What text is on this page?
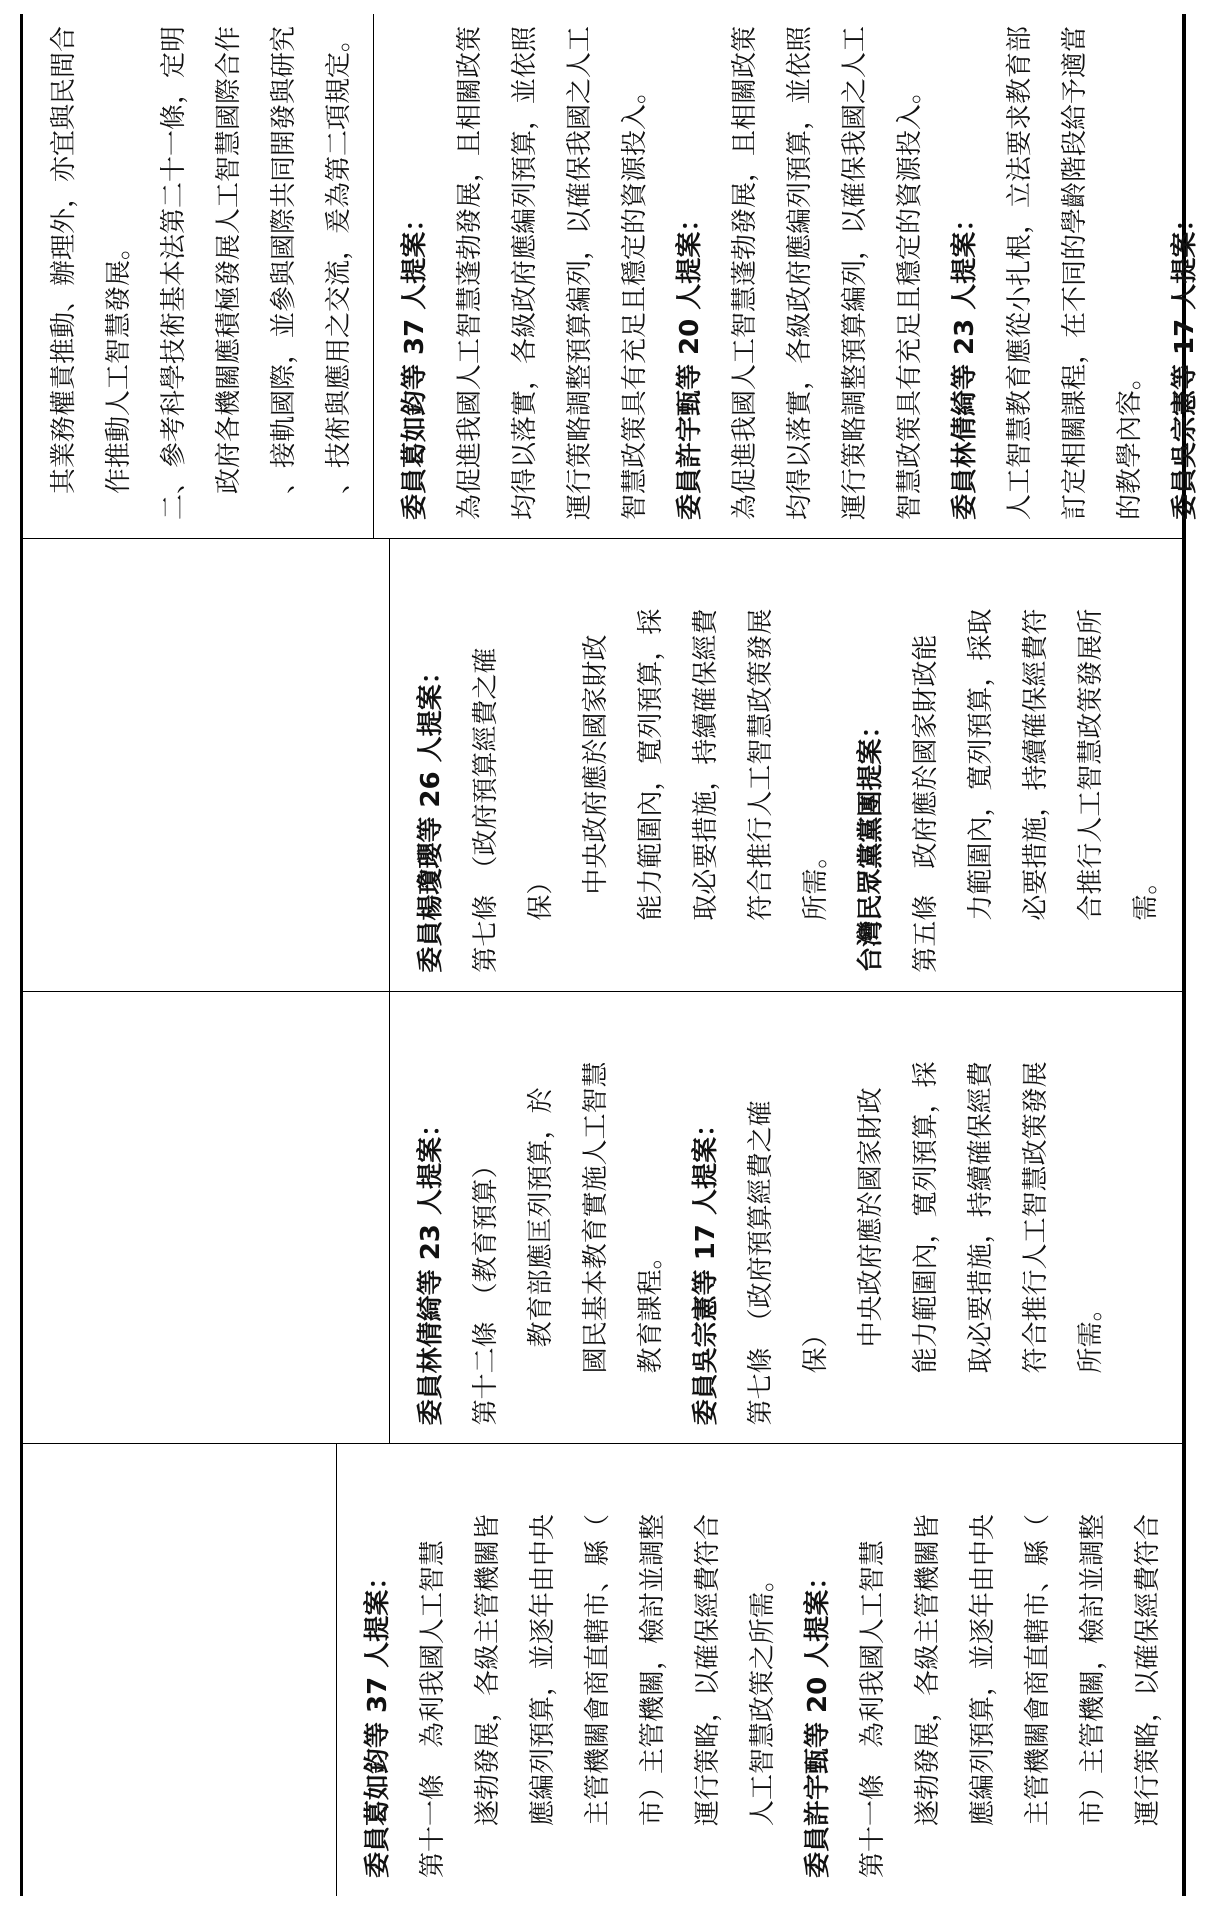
委員葛如鈞等 37 人提案： 第十一條　為利我國人工智慧 　　遂勃發展，各級主管機關皆 　　應編列預算，並逐年由中央 　　主管機關會商直轄市、縣（ 　　市）主管機關，檢討並調整 　　運行策略，以確保經費符合 　　人工智慧政策之所需。 委員許宇甄等 20 人提案： 第十一條　為利我國人工智慧 　　遂勃發展，各級主管機關皆 　　應編列預算，並逐年由中央 　　主管機關會商直轄市、縣（ 　　市）主管機關，檢討並調整 　　運行策略，以確保經費符合
委員林倩綺等 23 人提案： 第十二條　（教育預算） 　　　教育部應匡列預算，於 　　國民基本教育實施人工智慧 　　教育課程。 委員吳宗憲等 17 人提案： 第七條　（政府預算經費之確 　　保） 　　　中央政府應於國家財政 　　能力範圍內，寬列預算，採 　　取必要措施，持續確保經費 　　符合推行人工智慧政策發展 　　所需。
委員楊瓊瓔等 26 人提案： 第七條　（政府預算經費之確 　　保） 　　　中央政府應於國家財政 　　能力範圍內，寬列預算，採 　　取必要措施，持續確保經費 　　符合推行人工智慧政策發展 　　所需。 台灣民眾黨黨團提案： 第五條　政府應於國家財政能 　　力範圍內，寬列預算，採取 　　必要措施，持續確保經費符 　　合推行人工智慧政策發展所 　　需。
　其業務權責推動、辦理外，亦宜與民間合 　作推動人工智慧發展。 二、參考科學技術基本法第二十一條，定明 　政府各機關應積極發展人工智慧國際合作 　、接軌國際，並參與國際共同開發與研究 　、技術與應用之交流，爰為第二項規定。	委員葛如鈞等 37 人提案： 為促進我國人工智慧蓬勃發展，且相關政策 均得以落實，各級政府應編列預算，並依照 運行策略調整預算編列，以確保我國之人工 智慧政策具有充足且穩定的資源投入。 委員許宇甄等 20 人提案： 為促進我國人工智慧蓬勃發展，且相關政策 均得以落實，各級政府應編列預算，並依照 運行策略調整預算編列，以確保我國之人工 智慧政策具有充足且穩定的資源投入。 委員林倩綺等 23 人提案： 人工智慧教育應從小扎根，立法要求教育部 訂定相關課程，在不同的學齡階段給予適當 的教學內容。 委員吳宗憲等 17 人提案：
